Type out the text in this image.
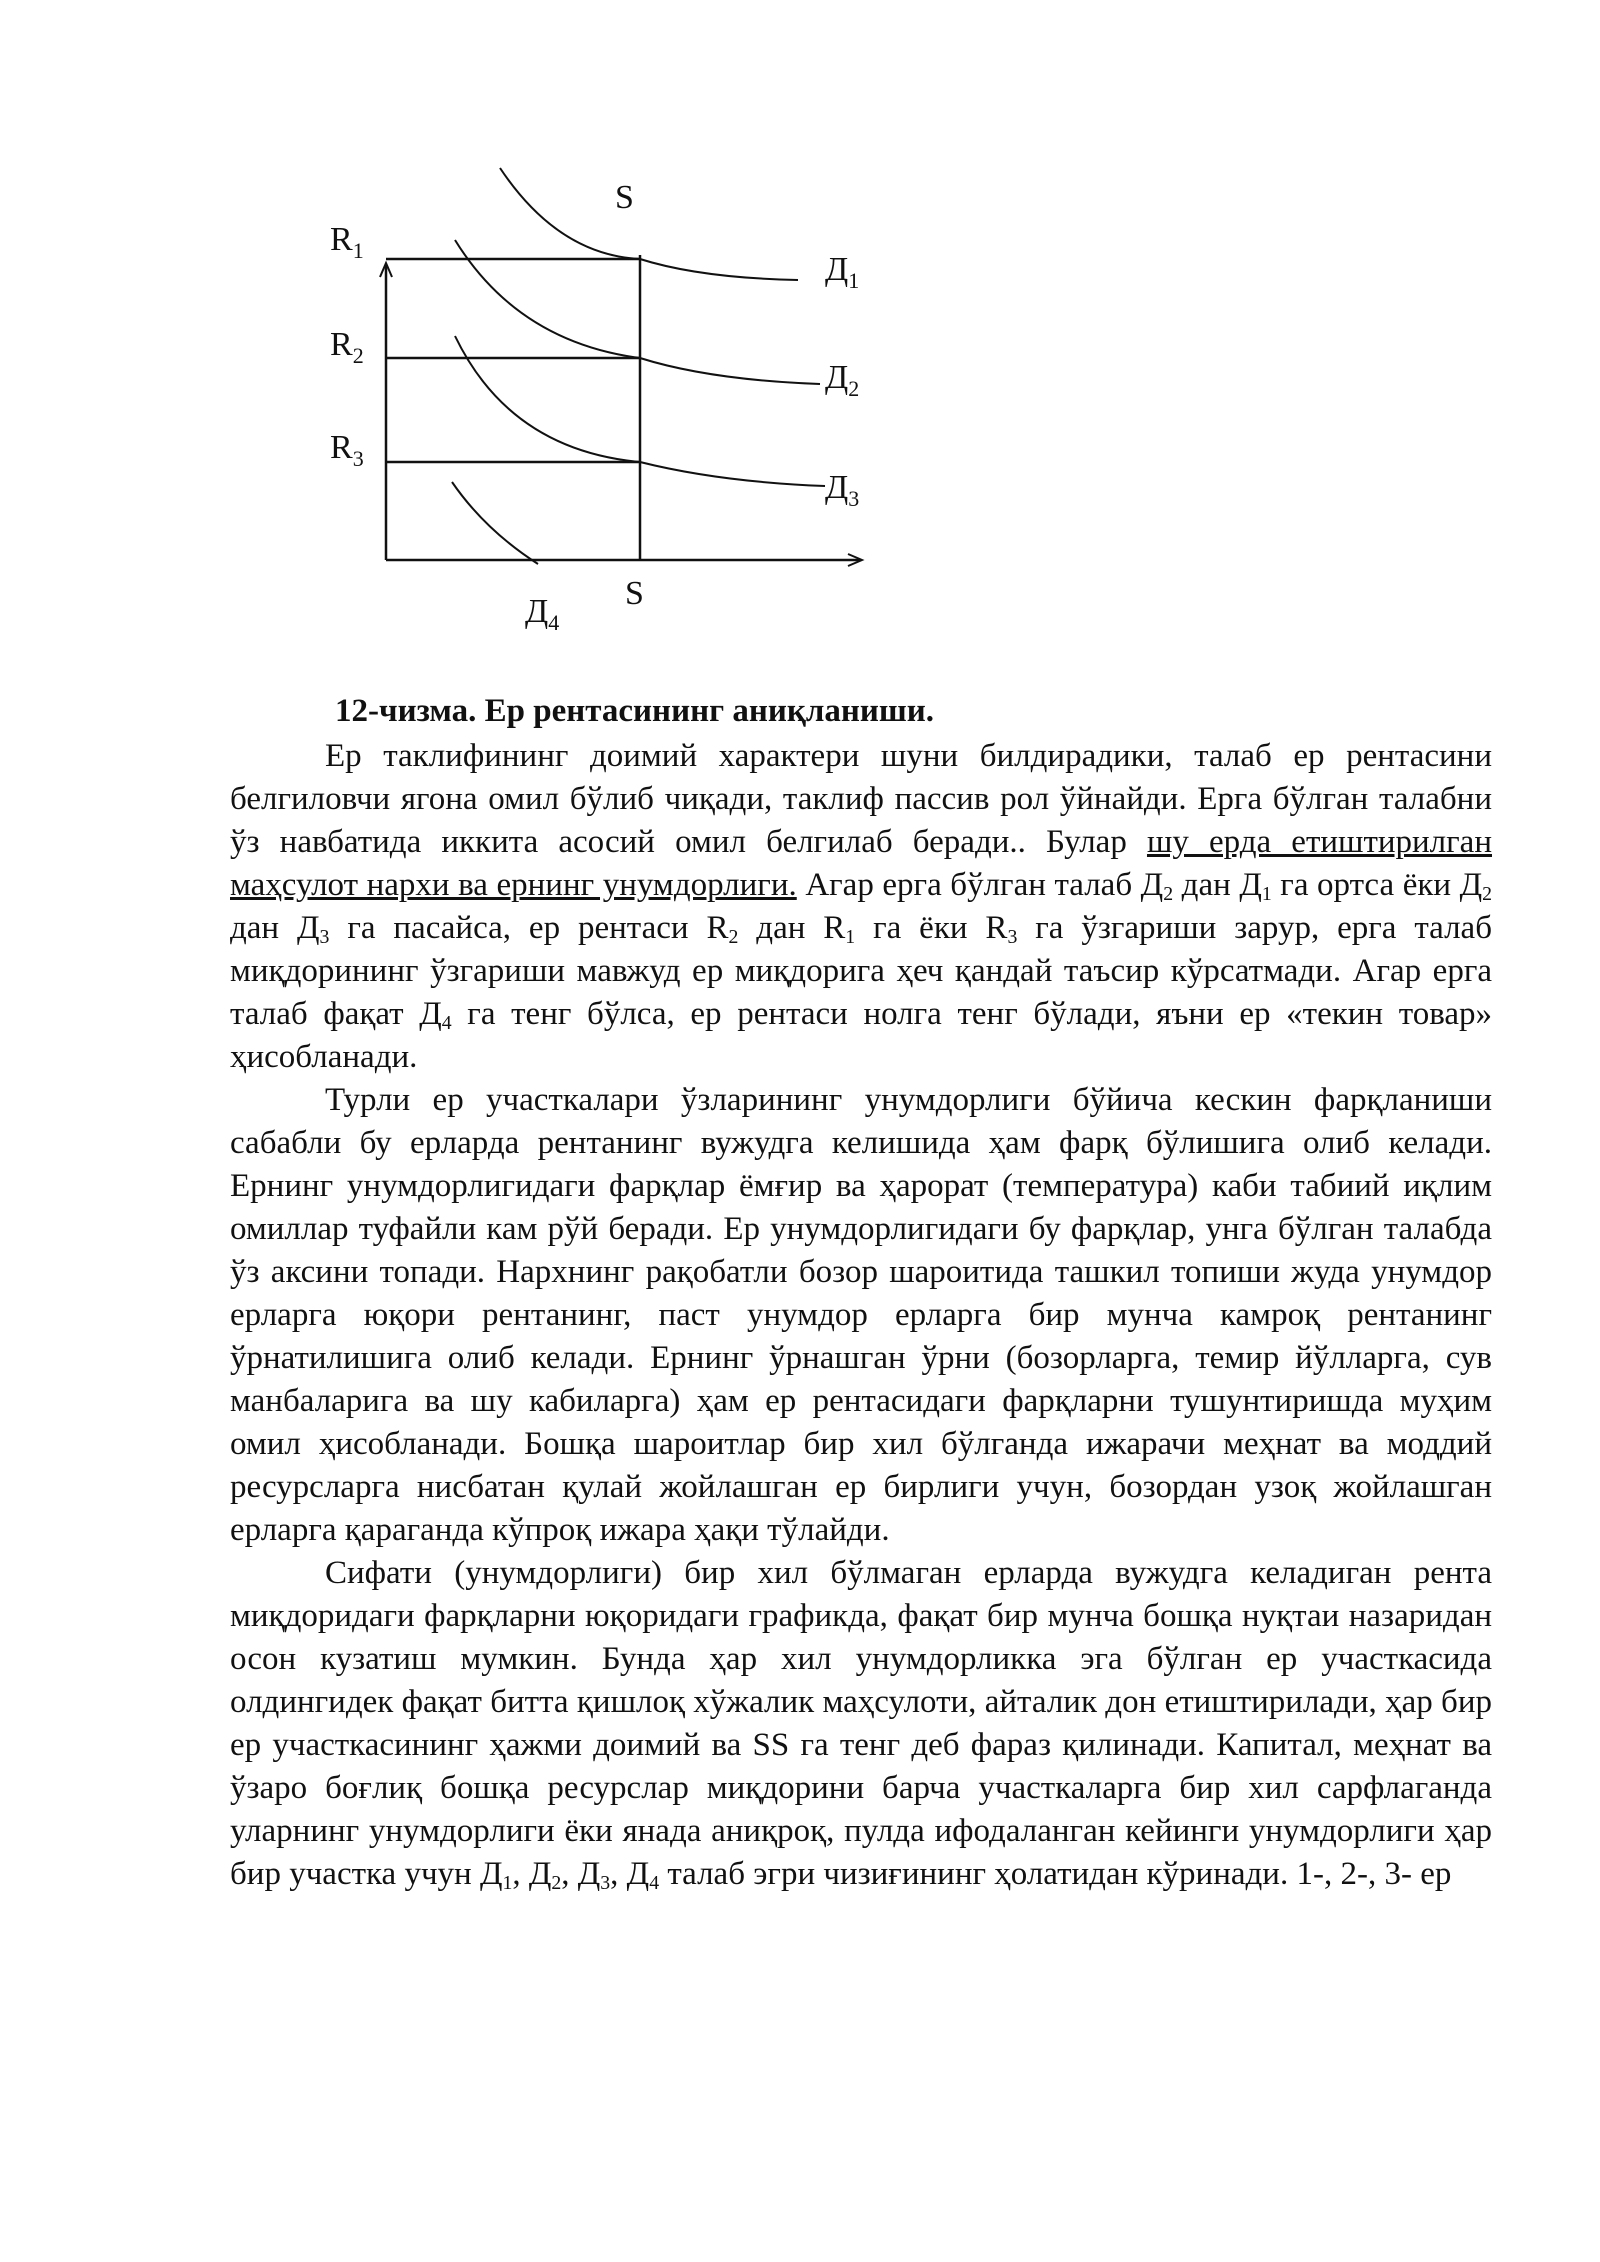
$R_1$
$R_2$
$R_3$
S
S
$Д_1$
$Д_2$
$Д_3$
$Д_4$
12-чизма. Ер рентасининг аниқланиши.

Ер таклифининг доимий характери шуни билдирадики, талаб ер рентасини белгиловчи ягона омил бўлиб чиқади, таклиф пассив рол ўйнайди. Ерга бўлган талабни ўз навбатида иккита асосий омил белгилаб беради.. Булар шу ерда етиштирилган маҳсулот нархи ва ернинг унумдорлиги. Агар ерга бўлган талаб $Д_2$ дан $Д_1$ га ортса ёки $Д_2$ дан $Д_3$ га пасайса, ер рентаси $R_2$ дан $R_1$ га ёки $R_3$ га ўзгариши зарур, ерга талаб миқдорининг ўзгариши мавжуд ер миқдорига ҳеч қандай таъсир кўрсатмади. Агар ерга талаб фақат $Д_4$ га тенг бўлса, ер рентаси нолга тенг бўлади, яъни ер «текин товар» ҳисобланади.

Турли ер участкалари ўзларининг унумдорлиги бўйича кескин фарқланиши сабабли бу ерларда рентанинг вужудга келишида ҳам фарқ бўлишига олиб келади. Ернинг унумдорлигидаги фарқлар ёмғир ва ҳарорат (температура) каби табиий иқлим омиллар туфайли кам рўй беради. Ер унумдорлигидаги бу фарқлар, унга бўлган талабда ўз аксини топади. Нархнинг рақобатли бозор шароитида ташкил топиши жуда унумдор ерларга юқори рентанинг, паст унумдор ерларга бир мунча камроқ рентанинг ўрнатилишига олиб келади. Ернинг ўрнашган ўрни (бозорларга, темир йўлларга, сув манбаларига ва шу кабиларга) ҳам ер рентасидаги фарқларни тушунтиришда муҳим омил ҳисобланади. Бошқа шароитлар бир хил бўлганда ижарачи меҳнат ва моддий ресурсларга нисбатан қулай жойлашган ер бирлиги учун, бозордан узоқ жойлашган ерларга қараганда кўпроқ ижара ҳақи тўлайди.

Сифати (унумдорлиги) бир хил бўлмаган ерларда вужудга келадиган рента миқдоридаги фарқларни юқоридаги графикда, фақат бир мунча бошқа нуқтаи назаридан осон кузатиш мумкин. Бунда ҳар хил унумдорликка эга бўлган ер участкасида олдингидек фақат битта қишлоқ хўжалик маҳсулоти, айталик дон етиштирилади, ҳар бир ер участкасининг ҳажми доимий ва SS га тенг деб фараз қилинади. Капитал, меҳнат ва ўзаро боғлиқ бошқа ресурслар миқдорини барча участкаларга бир хил сарфлаганда уларнинг унумдорлиги ёки янада аниқроқ, пулда ифодаланган кейинги унумдорлиги ҳар бир участка учун $Д_1$, $Д_2$, $Д_3$, $Д_4$ талаб эгри чизиғининг ҳолатидан кўринади. 1-, 2-, 3- ер
